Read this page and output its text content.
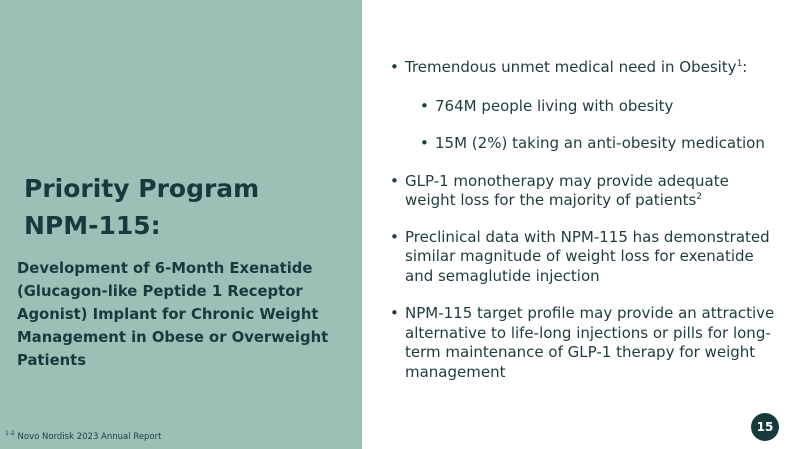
Priority Program
NPM-115:

Development of 6-Month Exenatide (Glucagon-like Peptide 1 Receptor Agonist) Implant for Chronic Weight Management in Obese or Overweight Patients

$^{1-2}$ Novo Nordisk 2023 Annual Report
• Tremendous unmet medical need in Obesity$^1$:
• 764M people living with obesity
• 15M (2%) taking an anti-obesity medication
• GLP-1 monotherapy may provide adequate weight loss for the majority of patients$^2$
• Preclinical data with NPM-115 has demonstrated similar magnitude of weight loss for exenatide and semaglutide injection
• NPM-115 target profile may provide an attractive alternative to life-long injections or pills for long-term maintenance of GLP-1 therapy for weight management
15
